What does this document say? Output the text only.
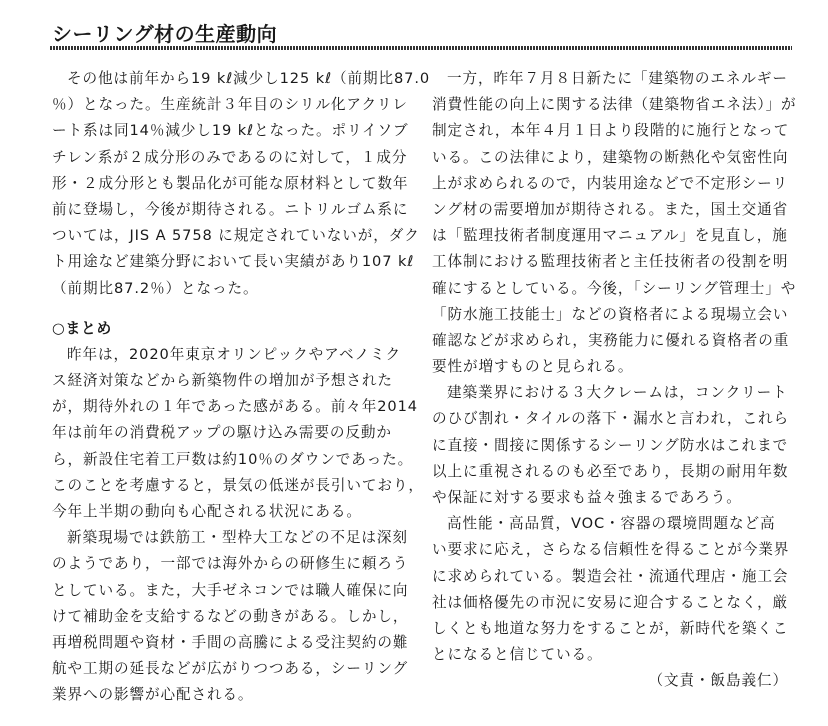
シーリング材の生産動向
その他は前年から19 kℓ減少し125 kℓ（前期比87.0
％）となった。生産統計３年目のシリル化アクリレ
ート系は同14％減少し19 kℓとなった。ポリイソブ
チレン系が２成分形のみであるのに対して，１成分
形・２成分形とも製品化が可能な原材料として数年
前に登場し，今後が期待される。ニトリルゴム系に
ついては，JIS A 5758 に規定されていないが，ダク
ト用途など建築分野において長い実績があり107 kℓ
（前期比87.2％）となった。
○まとめ
昨年は，2020年東京オリンピックやアベノミク
ス経済対策などから新築物件の増加が予想された
が，期待外れの１年であった感がある。前々年2014
年は前年の消費税アップの駆け込み需要の反動か
ら，新設住宅着工戸数は約10％のダウンであった。
このことを考慮すると，景気の低迷が長引いており，
今年上半期の動向も心配される状況にある。
新築現場では鉄筋工・型枠大工などの不足は深刻
のようであり，一部では海外からの研修生に頼ろう
としている。また，大手ゼネコンでは職人確保に向
けて補助金を支給するなどの動きがある。しかし，
再増税問題や資材・手間の高騰による受注契約の難
航や工期の延長などが広がりつつある，シーリング
業界への影響が心配される。
一方，昨年７月８日新たに「建築物のエネルギー
消費性能の向上に関する法律（建築物省エネ法）」が
制定され，本年４月１日より段階的に施行となって
いる。この法律により，建築物の断熱化や気密性向
上が求められるので，内装用途などで不定形シーリ
ング材の需要増加が期待される。また，国土交通省
は「監理技術者制度運用マニュアル」を見直し，施
工体制における監理技術者と主任技術者の役割を明
確にするとしている。今後，「シーリング管理士」や
「防水施工技能士」などの資格者による現場立会い
確認などが求められ，実務能力に優れる資格者の重
要性が増すものと見られる。
建築業界における３大クレームは，コンクリート
のひび割れ・タイルの落下・漏水と言われ，これら
に直接・間接に関係するシーリング防水はこれまで
以上に重視されるのも必至であり，長期の耐用年数
や保証に対する要求も益々強まるであろう。
高性能・高品質，VOC・容器の環境問題など高
い要求に応え，さらなる信頼性を得ることが今業界
に求められている。製造会社・流通代理店・施工会
社は価格優先の市況に安易に迎合することなく，厳
しくとも地道な努力をすることが，新時代を築くこ
とになると信じている。
（文責・飯島義仁）
